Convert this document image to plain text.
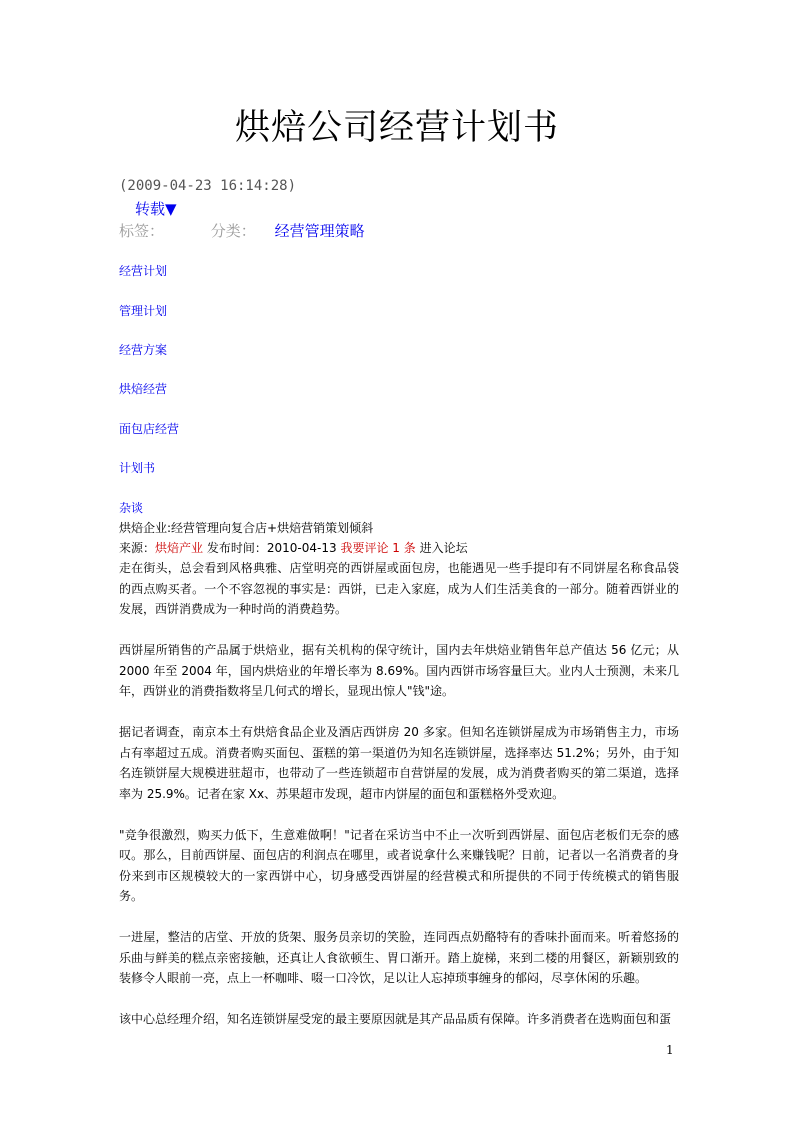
烘焙公司经营计划书
(2009-04-23 16:14:28)
转载▼
标签：	分类： 经营管理策略
经营计划
管理计划
经营方案
烘焙经营
面包店经营
计划书
杂谈
烘焙企业:经营管理向复合店+烘焙营销策划倾斜
来源：烘焙产业 发布时间：2010-04-13 我要评论 1 条 进入论坛

走在街头，总会看到风格典雅、店堂明亮的西饼屋或面包房，也能遇见一些手提印有不同饼屋名称食品袋的西点购买者。一个不容忽视的事实是：西饼，已走入家庭，成为人们生活美食的一部分。随着西饼业的发展，西饼消费成为一种时尚的消费趋势。

西饼屋所销售的产品属于烘焙业，据有关机构的保守统计，国内去年烘焙业销售年总产值达 56 亿元；从 2000 年至 2004 年，国内烘焙业的年增长率为 8.69%。国内西饼市场容量巨大。业内人士预测，未来几年，西饼业的消费指数将呈几何式的增长，显现出惊人"钱"途。

据记者调查，南京本土有烘焙食品企业及酒店西饼房 20 多家。但知名连锁饼屋成为市场销售主力，市场占有率超过五成。消费者购买面包、蛋糕的第一渠道仍为知名连锁饼屋，选择率达 51.2%；另外，由于知名连锁饼屋大规模进驻超市，也带动了一些连锁超市自营饼屋的发展，成为消费者购买的第二渠道，选择率为 25.9%。记者在家 Xx、苏果超市发现，超市内饼屋的面包和蛋糕格外受欢迎。

"竞争很激烈，购买力低下，生意难做啊！"记者在采访当中不止一次听到西饼屋、面包店老板们无奈的感叹。那么，目前西饼屋、面包店的利润点在哪里，或者说拿什么来赚钱呢？日前，记者以一名消费者的身份来到市区规模较大的一家西饼中心，切身感受西饼屋的经营模式和所提供的不同于传统模式的销售服务。

一进屋，整洁的店堂、开放的货架、服务员亲切的笑脸，连同西点奶酪特有的香味扑面而来。听着悠扬的乐曲与鲜美的糕点亲密接触，还真让人食欲顿生、胃口渐开。踏上旋梯，来到二楼的用餐区，新颖别致的装修令人眼前一亮，点上一杯咖啡、啜一口冷饮，足以让人忘掉琐事缠身的郁闷，尽享休闲的乐趣。

该中心总经理介绍，知名连锁饼屋受宠的最主要原因就是其产品品质有保障。许多消费者在选购面包和蛋

1
